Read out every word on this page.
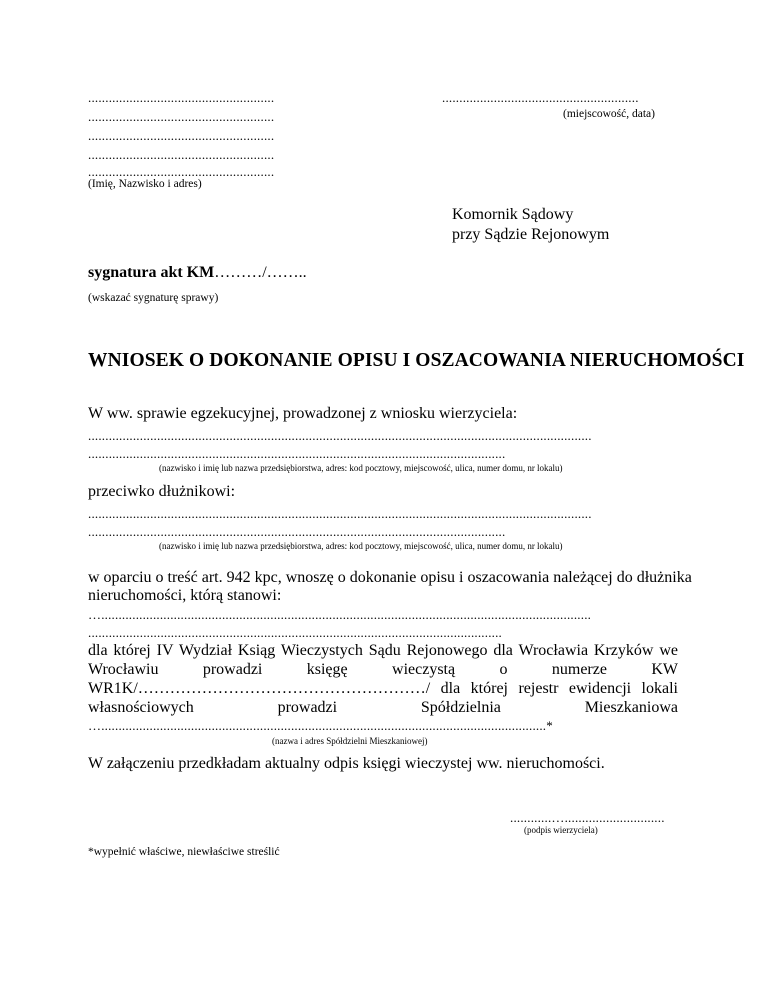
......................................................
......................................................
......................................................
......................................................
......................................................
(Imię, Nazwisko i adres)
.........................................................
(miejscowość, data)
Komornik Sądowy
przy Sądzie Rejonowym
sygnatura akt KM………/……..
(wskazać sygnaturę sprawy)
WNIOSEK O DOKONANIE OPISU I OSZACOWANIA NIERUCHOMOŚCI
W ww. sprawie egzekucyjnej, prowadzonej z wniosku wierzyciela:
..................................................................................................................................................
.........................................................................................................................
(nazwisko i imię lub nazwa przedsiębiorstwa, adres: kod pocztowy, miejscowość, ulica, numer domu, nr lokalu)
przeciwko dłużnikowi:
..................................................................................................................................................
.........................................................................................................................
(nazwisko i imię lub nazwa przedsiębiorstwa, adres: kod pocztowy, miejscowość, ulica, numer domu, nr lokalu)
w oparciu o treść art. 942 kpc, wnoszę o dokonanie opisu i oszacowania należącej do dłużnika
nieruchomości, którą stanowi:
…..............................................................................................................................................
........................................................................................................................
dla której IV Wydział Ksiąg Wieczystych Sądu Rejonowego dla Wrocławia Krzyków we
Wrocławiu prowadzi księgę wieczystą o numerze KW
WR1K/………………………………………………/ dla której rejestr ewidencji lokali
własnościowych prowadzi Spółdzielnia Mieszkaniowa
….................................................................................................................................*
(nazwa i adres Spółdzielni Mieszkaniowej)
W załączeniu przedkładam aktualny odpis księgi wieczystej ww. nieruchomości.
............….............................
(podpis wierzyciela)
*wypełnić właściwe, niewłaściwe streślić
